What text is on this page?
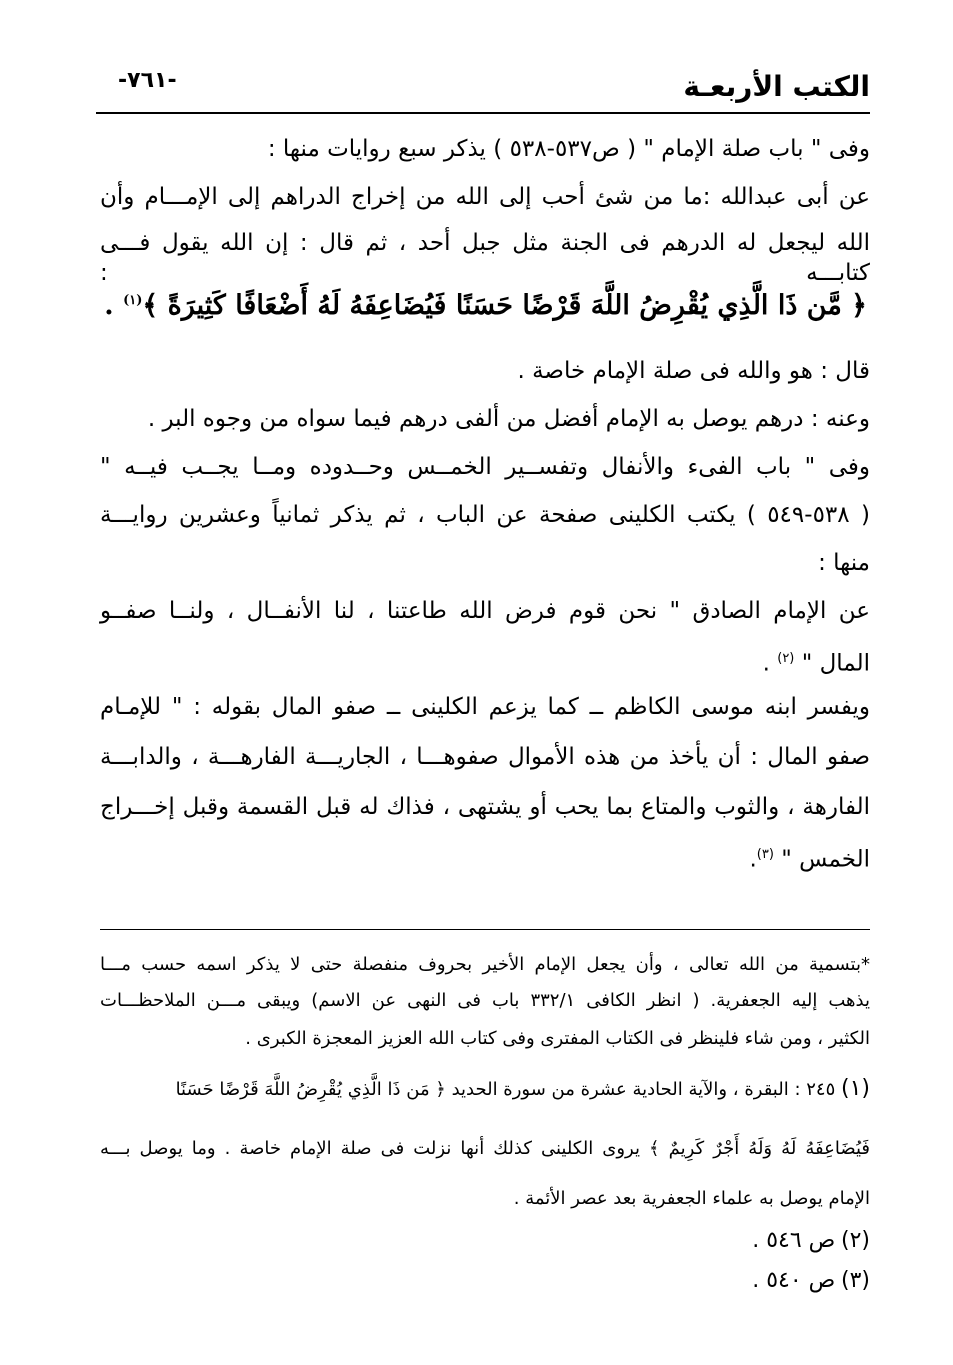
-٧٦١-	الكتب الأربعـة
وفى " باب صلة الإمام " ( ص٥٣٧-٥٣٨ ) يذكر سبع روايات منها :
عن أبى عبدالله :ما من شئ أحب إلى الله من إخراج الدراهم إلى الإمـــام وأن
الله ليجعل له الدرهم فى الجنة مثل جبل أحد ، ثم قال : إن الله يقول فـــى كتابـــه :
﴿ مَّن ذَا الَّذِي يُقْرِضُ اللَّهَ قَرْضًا حَسَنًا فَيُضَاعِفَهُ لَهُ أَضْعَافًا كَثِيرَةً ﴾$^{(١)}$ .
قال : هو والله فى صلة الإمام خاصة .
وعنه : درهم يوصل به الإمام أفضل من ألفى درهم فيما سواه من وجوه البر .
وفى " باب الفىء والأنفال وتفســير الخمــس وحــدوده ومــا يجــب فيــه "
( ٥٣٨-٥٤٩ ) يكتب الكلينى صفحة عن الباب ، ثم يذكر ثمانياً وعشرين روايـــة
منها :
عن الإمام الصادق " نحن قوم فرض الله طاعتنا ، لنا الأنفــال ، ولنــا صفــو
المال " $^{(٢)}$ .
ويفسر ابنه موسى الكاظم ــ كما يزعم الكلينى ــ صفو المال بقوله : " للإمـام
صفو المال : أن يأخذ من هذه الأموال صفوهـــا ، الجاريـــة الفارهـــة ، والدابـــة
الفارهة ، والثوب والمتاع بما يحب أو يشتهى ، فذاك له قبل القسمة وقبل إخـــراج
الخمس " $^{(٣)}$.
*بتسمية من الله تعالى ، وأن يجعل الإمام الأخير بحروف منفصلة حتى لا يذكر اسمه حسب مـــا
يذهب إليه الجعفرية. ( انظر الكافى ٣٣٢/١ باب فى النهى عن الاسم) ويبقى مـــن الملاحظـــات
الكثير ، ومن شاء فلينظر فى الكتاب المفترى وفى كتاب الله العزيز المعجزة الكبرى .
(١) ٢٤٥ : البقرة ، والآية الحادية عشرة من سورة الحديد ﴿ مَن ذَا الَّذِي يُقْرِضُ اللَّهَ قَرْضًا حَسَنًا
فَيُضَاعِفَهُ لَهُ وَلَهُ أَجْرٌ كَرِيمٌ ﴾ يروى الكلينى كذلك أنها نزلت فى صلة الإمام خاصة . وما يوصل بـــه
الإمام يوصل به علماء الجعفرية بعد عصر الأئمة .
(٢) ص ٥٤٦ .
(٣) ص ٥٤٠ .
